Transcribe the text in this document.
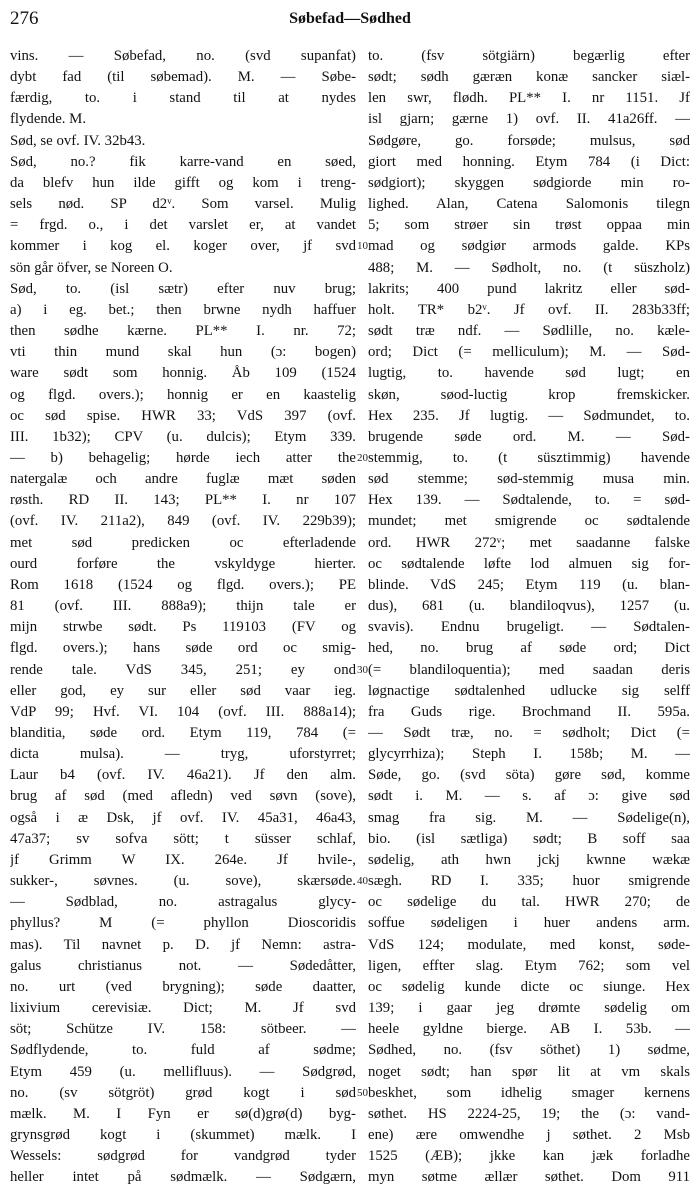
276	Søbefad—Sødhed
vins. — Søbefad, no. (svd supanfat)
dybt fad (til søbemad). M. — Søbe-
færdig, to. i stand til at nydes
flydende. M.
Sød, se ovf. IV. 32b43.
Sød, no.? fik karre-vand en søed,
da blefv hun ilde gifft og kom i treng-
sels nød. SP d2ᵛ. Som varsel. Mulig
= frgd. o., i det varslet er, at vandet
kommer i kog el. koger over, jf svd
sön går öfver, se Noreen O.
Sød, to. (isl sætr) efter nuv brug;
a) i eg. bet.; then brwne nydh haffuer
then sødhe kærne. PL** I. nr. 72;
vti thin mund skal hun (ɔ: bogen)
ware sødt som honnig. Åb 109 (1524
og flgd. overs.); honnig er en kaastelig
oc sød spise. HWR 33; VdS 397 (ovf.
III. 1b32); CPV (u. dulcis); Etym 339.
— b) behagelig; hørde iech atter the
natergalæ och andre fuglæ mæt søden
røsth. RD II. 143; PL** I. nr 107
(ovf. IV. 211a2), 849 (ovf. IV. 229b39);
met sød predicken oc efterladende
ourd forføre the vskyldyge hierter.
Rom 1618 (1524 og flgd. overs.); PE
81 (ovf. III. 888a9); thijn tale er
mijn strwbe sødt. Ps 119103 (FV og
flgd. overs.); hans søde ord oc smig-
rende tale. VdS 345, 251; ey ond
eller god, ey sur eller sød vaar ieg.
VdP 99; Hvf. VI. 104 (ovf. III. 888a14);
blanditia, søde ord. Etym 119, 784 (=
dicta mulsa). — tryg, uforstyrret;
Laur b4 (ovf. IV. 46a21). Jf den alm.
brug af sød (med afledn) ved søvn (sove),
også i æ Dsk, jf ovf. IV. 45a31, 46a43,
47a37; sv sofva sött; t süsser schlaf,
jf Grimm W IX. 264e. Jf hvile-,
sukker-, søvnes. (u. sove), skærsøde.
— Sødblad, no. astragalus glycy-
phyllus? M (= phyllon Dioscoridis
mas). Til navnet p. D. jf Nemn: astra-
galus christianus not. — Sødedåtter,
no. urt (ved brygning); søde daatter,
lixivium cerevisiæ. Dict; M. Jf svd
söt; Schütze IV. 158: sötbeer. —
Sødflydende, to. fuld af sødme;
Etym 459 (u. mellifluus). — Sødgrød,
no. (sv sötgröt) grød kogt i sød
mælk. M. I Fyn er sø(d)grø(d) byg-
grynsgrød kogt i (skummet) mælk. I
Wessels: sødgrød for vandgrød tyder
heller intet på sødmælk. — Sødgærn,
10
20
30
40
50
to. (fsv sötgiärn) begærlig efter
sødt; sødh gæræn konæ sancker siæl-
len swr, flødh. PL** I. nr 1151. Jf
isl gjarn; gærne 1) ovf. II. 41a26ff. —
Sødgøre, go. forsøde; mulsus, sød
giort med honning. Etym 784 (i Dict:
sødgiort); skyggen sødgiorde min ro-
lighed. Alan, Catena Salomonis tilegn
5; som strøer sin trøst oppaa min
mad og sødgiør armods galde. KPs
488; M. — Sødholt, no. (t süszholz)
lakrits; 400 pund lakritz eller sød-
holt. TR* b2ᵛ. Jf ovf. II. 283b33ff;
sødt træ ndf. — Sødlille, no. kæle-
ord; Dict (= melliculum); M. — Sød-
lugtig, to. havende sød lugt; en
skøn, søod-luctig krop fremskicker.
Hex 235. Jf lugtig. — Sødmundet, to.
brugende søde ord. M. — Sød-
stemmig, to. (t süsztimmig) havende
sød stemme; sød-stemmig musa min.
Hex 139. — Sødtalende, to. = sød-
mundet; met smigrende oc sødtalende
ord. HWR 272ᵛ; met saadanne falske
oc sødtalende løfte lod almuen sig for-
blinde. VdS 245; Etym 119 (u. blan-
dus), 681 (u. blandiloqvus), 1257 (u.
svavis). Endnu brugeligt. — Sødtalen-
hed, no. brug af søde ord; Dict
(= blandiloquentia); med saadan deris
løgnactige sødtalenhed udlucke sig selff
fra Guds rige. Brochmand II. 595a.
— Sødt træ, no. = sødholt; Dict (=
glycyrrhiza); Steph I. 158b; M. —
Søde, go. (svd söta) gøre sød, komme
sødt i. M. — s. af ɔ: give sød
smag fra sig. M. — Sødelige(n),
bio. (isl sætliga) sødt; B soff saa
sødelig, ath hwn jckj kwnne wækæ
sægh. RD I. 335; huor smigrende
oc sødelige du tal. HWR 270; de
soffue sødeligen i huer andens arm.
VdS 124; modulate, med konst, søde-
ligen, effter slag. Etym 762; som vel
oc sødelig kunde dicte oc siunge. Hex
139; i gaar jeg drømte sødelig om
heele gyldne bierge. AB I. 53b. —
Sødhed, no. (fsv söthet) 1) sødme,
noget sødt; han spør lit at vm skals
beskhet, som idhelig smager kernens
søthet. HS 2224-25, 19; the (ɔ: vand-
ene) ære omwendhe j søthet. 2 Msb
1525 (ÆB); jkke kan jæk forladhe
myn søtme ællær søthet. Dom 911
